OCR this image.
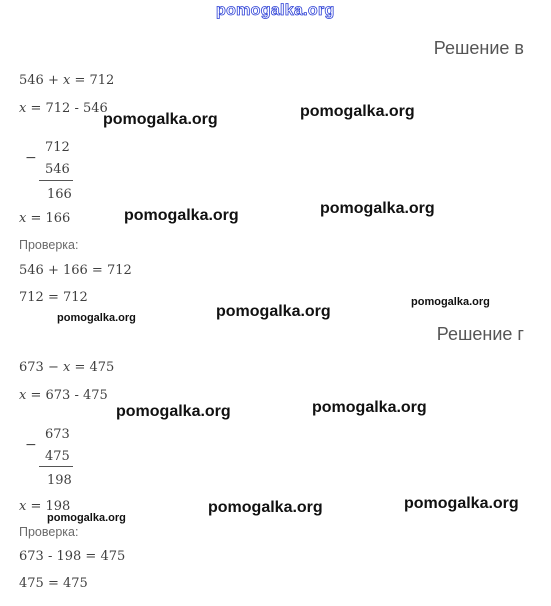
pomogalka.org
Решение в
546 + x = 712
x = 712 - 546
−
712
546
166
x = 166
Проверка:
546 + 166 = 712
712 = 712
Решение г
673 − x = 475
x = 673 - 475
−
673
475
198
x = 198
Проверка:
673 - 198 = 475
475 = 475
pomogalka.org	pomogalka.org
pomogalka.org	pomogalka.org
pomogalka.org
pomogalka.org
pomogalka.org
pomogalka.org	pomogalka.org
pomogalka.org
pomogalka.org
pomogalka.org
